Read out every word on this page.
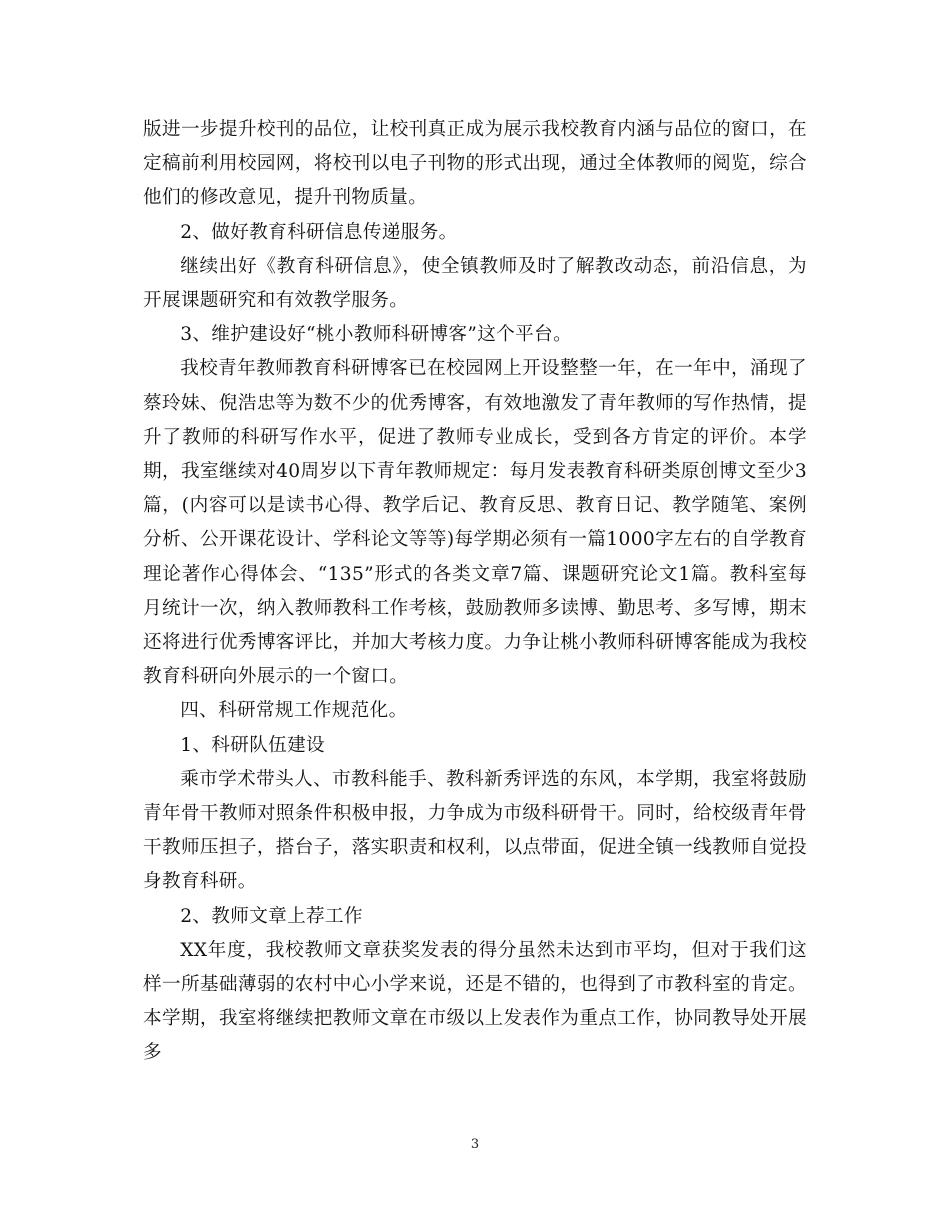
版进一步提升校刊的品位，让校刊真正成为展示我校教育内涵与品位的窗口，在定稿前利用校园网，将校刊以电子刊物的形式出现，通过全体教师的阅览，综合他们的修改意见，提升刊物质量。

2、做好教育科研信息传递服务。

继续出好《教育科研信息》，使全镇教师及时了解教改动态，前沿信息，为开展课题研究和有效教学服务。

3、维护建设好“桃小教师科研博客”这个平台。

我校青年教师教育科研博客已在校园网上开设整整一年，在一年中，涌现了蔡玲妹、倪浩忠等为数不少的优秀博客，有效地激发了青年教师的写作热情，提升了教师的科研写作水平，促进了教师专业成长，受到各方肯定的评价。本学期，我室继续对40周岁以下青年教师规定：每月发表教育科研类原创博文至少3篇，(内容可以是读书心得、教学后记、教育反思、教育日记、教学随笔、案例分析、公开课花设计、学科论文等等)每学期必须有一篇1000字左右的自学教育理论著作心得体会、“135”形式的各类文章7篇、课题研究论文1篇。教科室每月统计一次，纳入教师教科工作考核，鼓励教师多读博、勤思考、多写博，期末还将进行优秀博客评比，并加大考核力度。力争让桃小教师科研博客能成为我校教育科研向外展示的一个窗口。

四、科研常规工作规范化。

1、科研队伍建设

乘市学术带头人、市教科能手、教科新秀评选的东风，本学期，我室将鼓励青年骨干教师对照条件积极申报，力争成为市级科研骨干。同时，给校级青年骨干教师压担子，搭台子，落实职责和权利，以点带面，促进全镇一线教师自觉投身教育科研。

2、教师文章上荐工作

XX年度，我校教师文章获奖发表的得分虽然未达到市平均，但对于我们这样一所基础薄弱的农村中心小学来说，还是不错的，也得到了市教科室的肯定。本学期，我室将继续把教师文章在市级以上发表作为重点工作，协同教导处开展多

3
